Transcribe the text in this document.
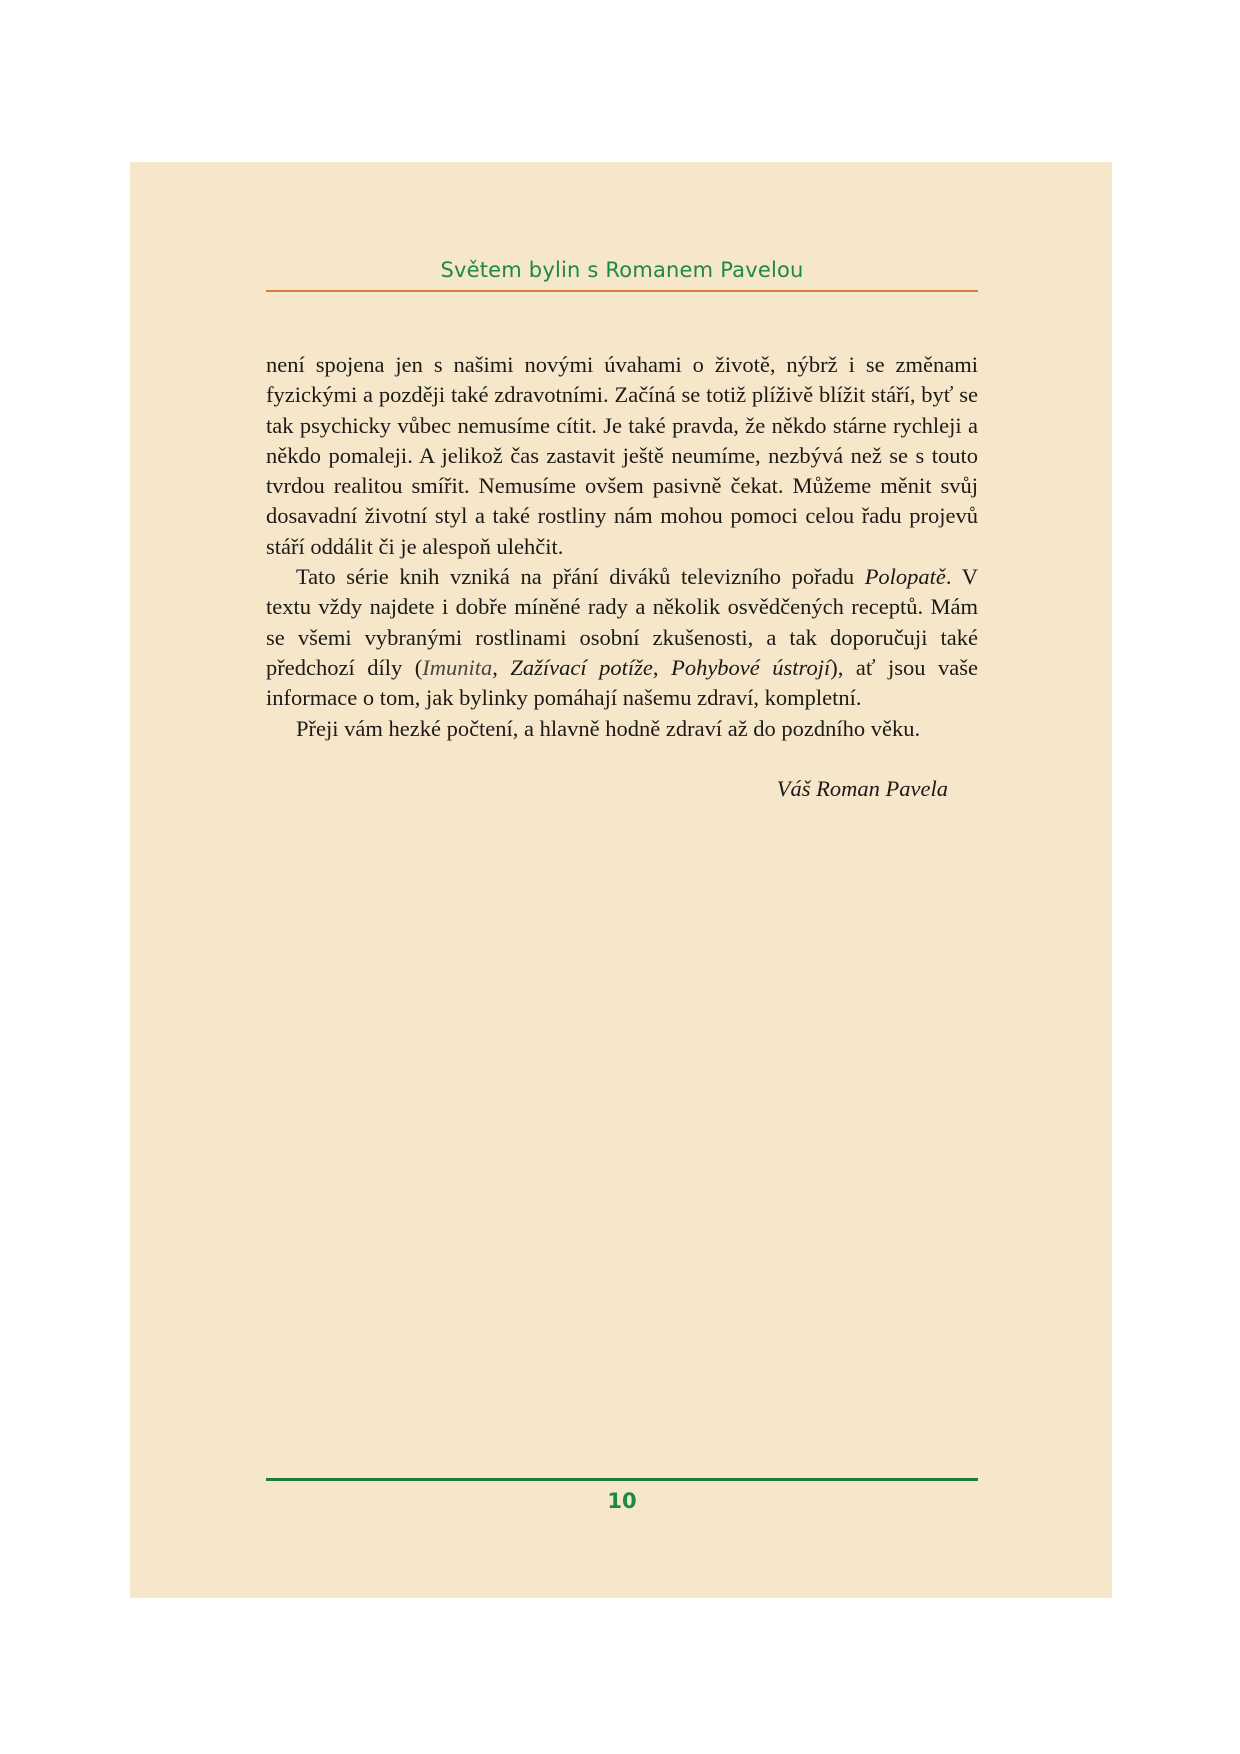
Světem bylin s Romanem Pavelou

není spojena jen s našimi novými úvahami o životě, nýbrž i se změnami fyzickými a později také zdravotními. Začíná se totiž plíživě blížit stáří, byť se tak psychicky vůbec nemusíme cítit. Je také pravda, že někdo stárne rychleji a někdo pomaleji. A jelikož čas zastavit ještě neumíme, nezbývá než se s touto tvrdou realitou smířit. Nemusíme ovšem pasivně čekat. Můžeme měnit svůj dosavadní životní styl a také rostliny nám mohou pomoci celou řadu projevů stáří oddálit či je alespoň ulehčit.

Tato série knih vzniká na přání diváků televizního pořadu Polopatě. V textu vždy najdete i dobře míněné rady a několik osvědčených receptů. Mám se všemi vybranými rostlinami osobní zkušenosti, a tak doporučuji také předchozí díly (Imunita, Zažívací potíže, Pohybové ústrojí), ať jsou vaše informace o tom, jak bylinky pomáhají našemu zdraví, kompletní.

Přeji vám hezké počtení, a hlavně hodně zdraví až do pozdního věku.

Váš Roman Pavela
10
